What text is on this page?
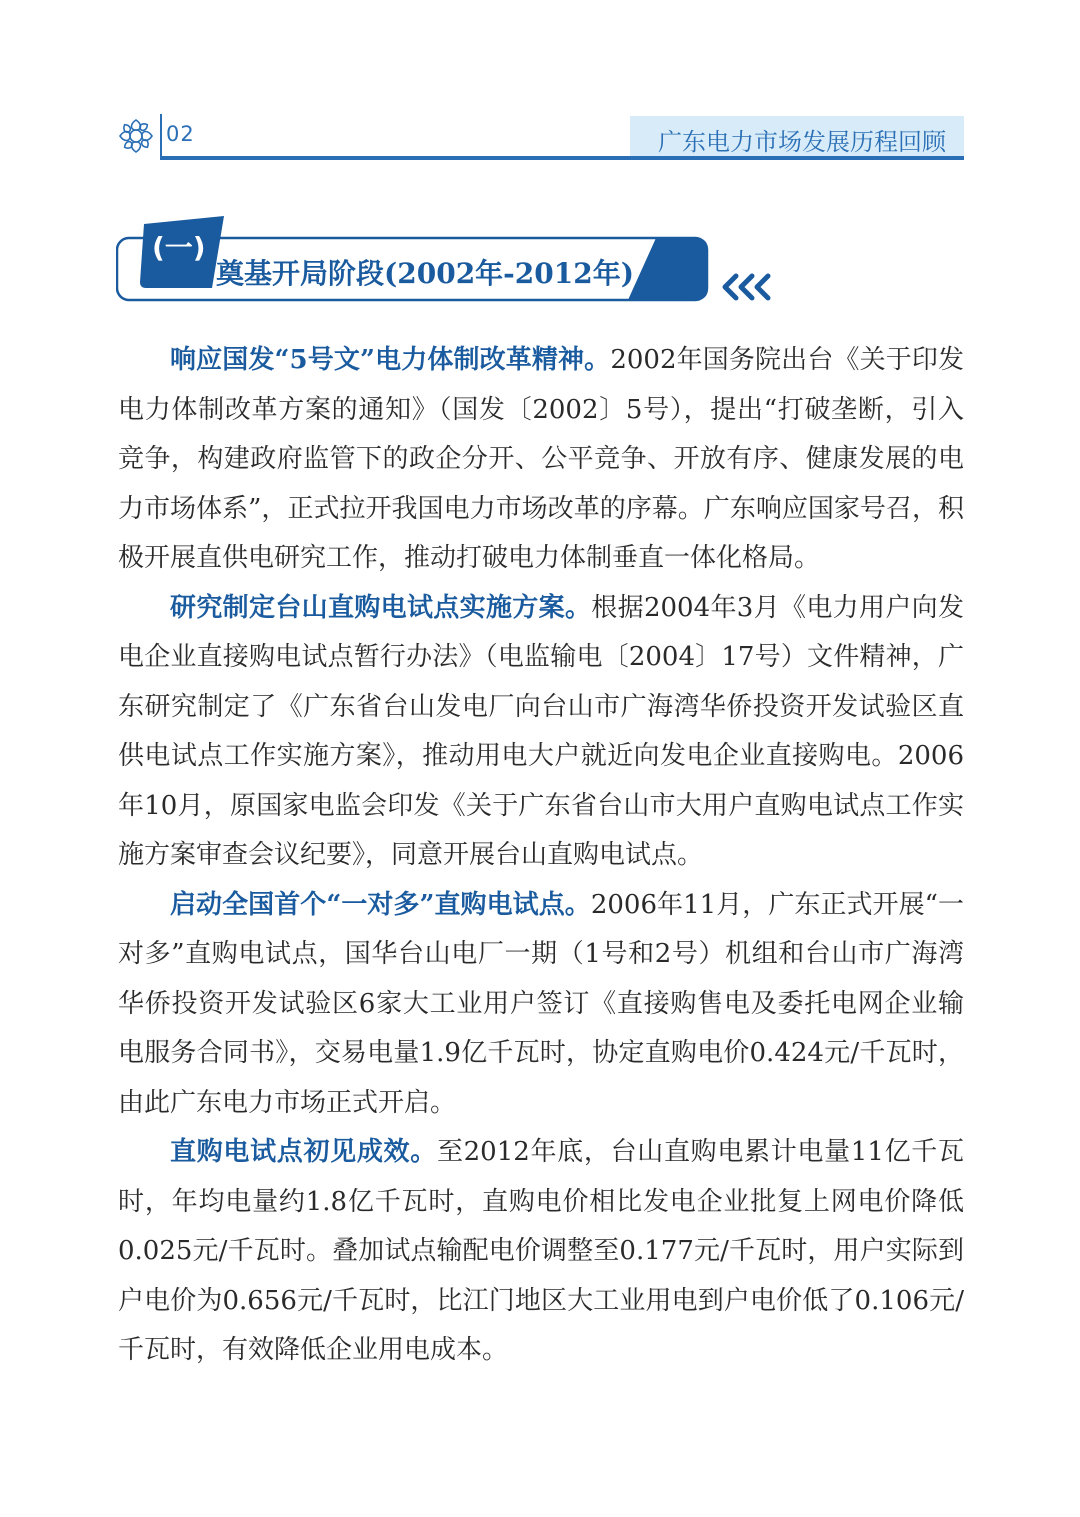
02	广东电力市场发展历程回顾
(一)
奠基开局阶段(2002年-2012年)

响应国发“5号文”电力体制改革精神。2002年国务院出台《关于印发电力体制改革方案的通知》（国发〔2002〕5号），提出“打破垄断，引入竞争，构建政府监管下的政企分开、公平竞争、开放有序、健康发展的电力市场体系”，正式拉开我国电力市场改革的序幕。广东响应国家号召，积极开展直供电研究工作，推动打破电力体制垂直一体化格局。

研究制定台山直购电试点实施方案。根据2004年3月《电力用户向发电企业直接购电试点暂行办法》（电监输电〔2004〕17号）文件精神，广东研究制定了《广东省台山发电厂向台山市广海湾华侨投资开发试验区直供电试点工作实施方案》，推动用电大户就近向发电企业直接购电。2006年10月，原国家电监会印发《关于广东省台山市大用户直购电试点工作实施方案审查会议纪要》，同意开展台山直购电试点。

启动全国首个“一对多”直购电试点。2006年11月，广东正式开展“一对多”直购电试点，国华台山电厂一期（1号和2号）机组和台山市广海湾华侨投资开发试验区6家大工业用户签订《直接购售电及委托电网企业输电服务合同书》，交易电量1.9亿千瓦时，协定直购电价0.424元/千瓦时，由此广东电力市场正式开启。

直购电试点初见成效。至2012年底，台山直购电累计电量11亿千瓦时，年均电量约1.8亿千瓦时，直购电价相比发电企业批复上网电价降低0.025元/千瓦时。叠加试点输配电价调整至0.177元/千瓦时，用户实际到户电价为0.656元/千瓦时，比江门地区大工业用电到户电价低了0.106元/千瓦时，有效降低企业用电成本。
